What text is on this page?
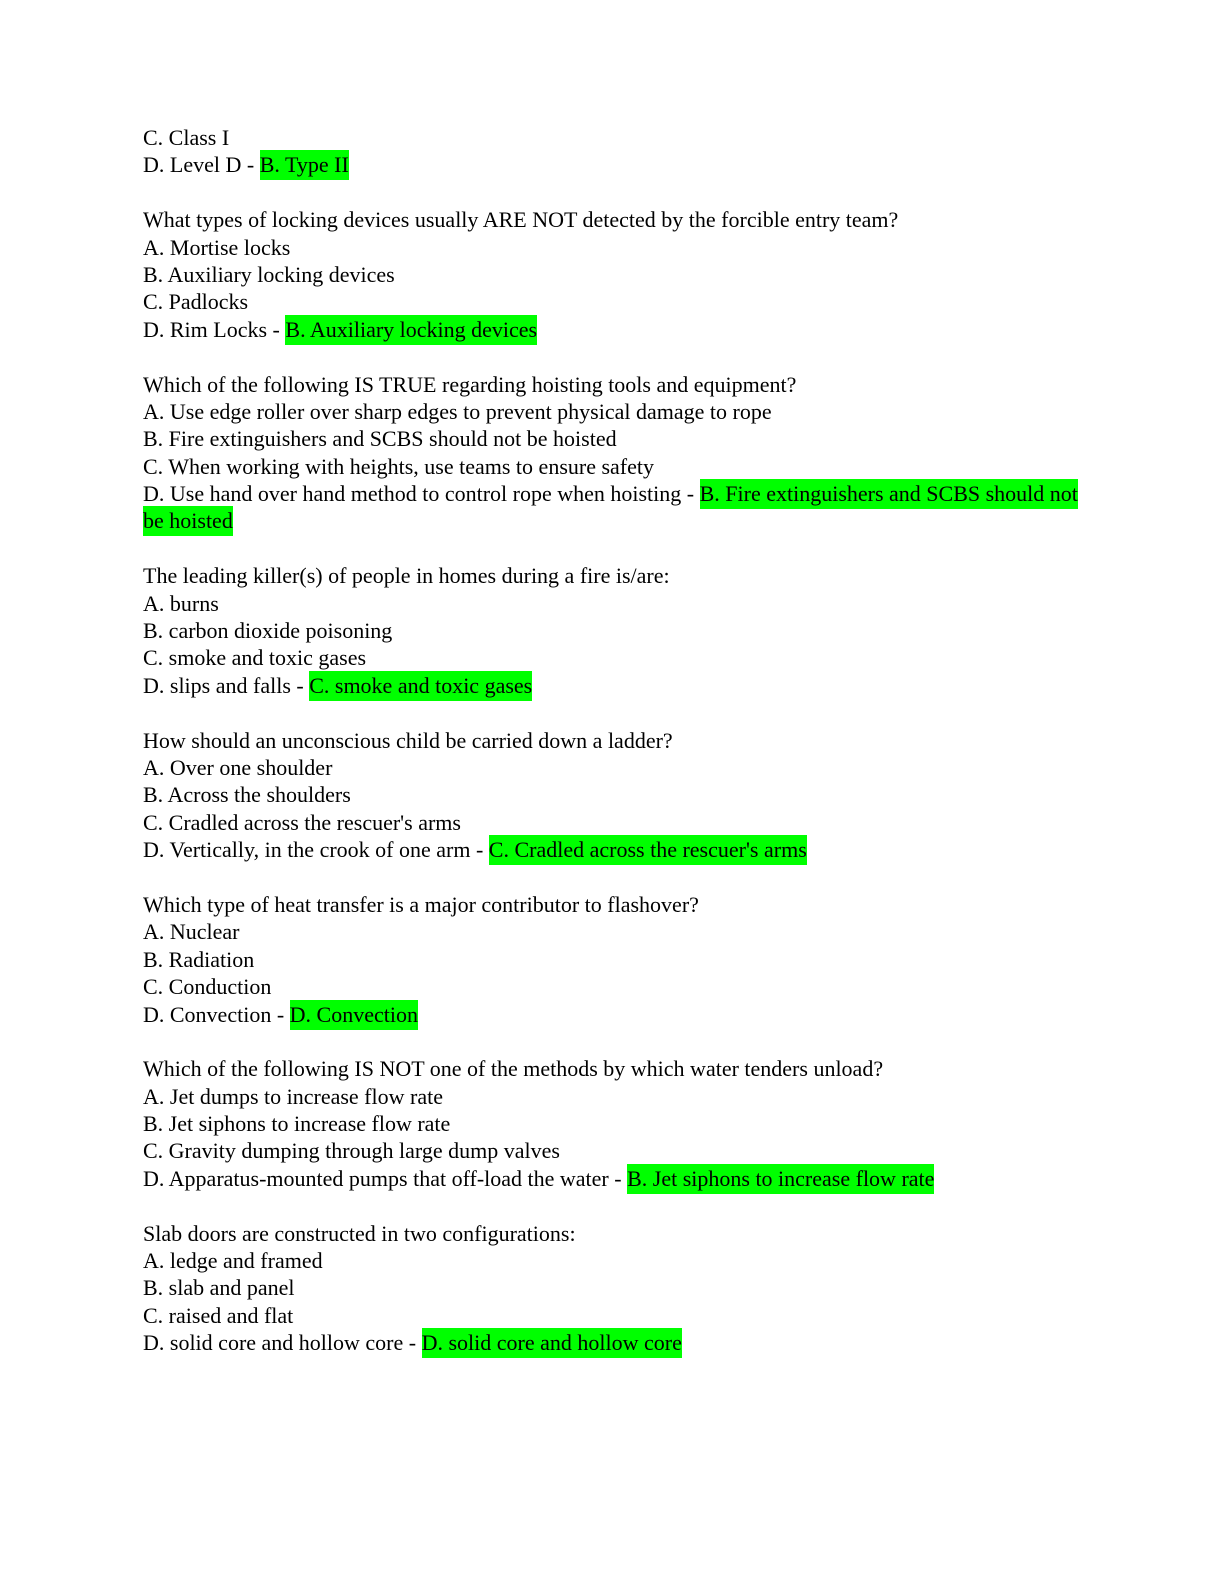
C. Class I
D. Level D - B. Type II
What types of locking devices usually ARE NOT detected by the forcible entry team?
A. Mortise locks
B. Auxiliary locking devices
C. Padlocks
D. Rim Locks - B. Auxiliary locking devices
Which of the following IS TRUE regarding hoisting tools and equipment?
A. Use edge roller over sharp edges to prevent physical damage to rope
B. Fire extinguishers and SCBS should not be hoisted
C. When working with heights, use teams to ensure safety
D. Use hand over hand method to control rope when hoisting - B. Fire extinguishers and SCBS should not be hoisted
The leading killer(s) of people in homes during a fire is/are:
A. burns
B. carbon dioxide poisoning
C. smoke and toxic gases
D. slips and falls - C. smoke and toxic gases
How should an unconscious child be carried down a ladder?
A. Over one shoulder
B. Across the shoulders
C. Cradled across the rescuer's arms
D. Vertically, in the crook of one arm - C. Cradled across the rescuer's arms
Which type of heat transfer is a major contributor to flashover?
A. Nuclear
B. Radiation
C. Conduction
D. Convection - D. Convection
Which of the following IS NOT one of the methods by which water tenders unload?
A. Jet dumps to increase flow rate
B. Jet siphons to increase flow rate
C. Gravity dumping through large dump valves
D. Apparatus-mounted pumps that off-load the water - B. Jet siphons to increase flow rate
Slab doors are constructed in two configurations:
A. ledge and framed
B. slab and panel
C. raised and flat
D. solid core and hollow core - D. solid core and hollow core
